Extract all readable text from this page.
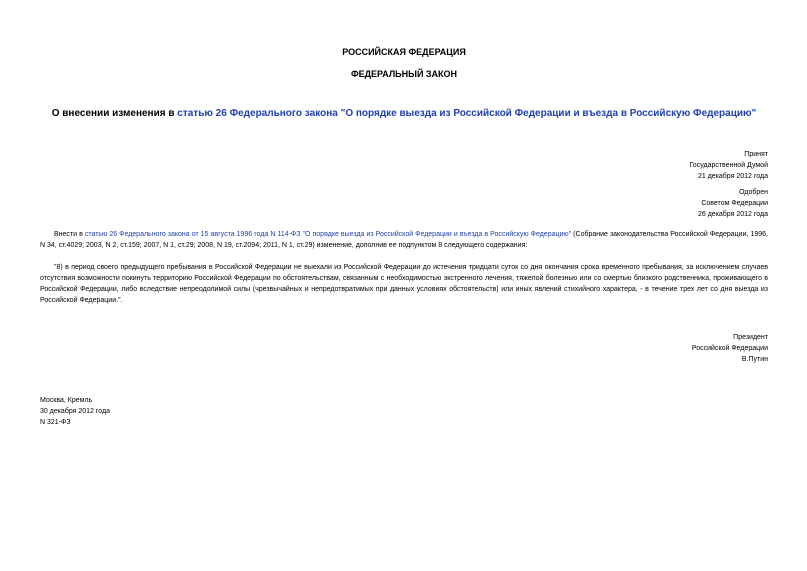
РОССИЙСКАЯ ФЕДЕРАЦИЯ
ФЕДЕРАЛЬНЫЙ ЗАКОН
О внесении изменения в статью 26 Федерального закона "О порядке выезда из Российской Федерации и въезда в Российскую Федерацию"
Принят
Государственной Думой
21 декабря 2012 года
Одобрен
Советом Федерации
26 декабря 2012 года
Внести в статью 26 Федерального закона от 15 августа 1996 года N 114-ФЗ "О порядке выезда из Российской Федерации и въезда в Российскую Федерацию" (Собрание законодательства Российской Федерации, 1996, N 34, ст.4029; 2003, N 2, ст.159; 2007, N 1, ст.29; 2008, N 19, ст.2094; 2011, N 1, ст.29) изменение, дополнив ее подпунктом 8 следующего содержания:
"8) в период своего предыдущего пребывания в Российской Федерации не выехали из Российской Федерации до истечения тридцати суток со дня окончания срока временного пребывания, за исключением случаев отсутствия возможности покинуть территорию Российской Федерации по обстоятельствам, связанным с необходимостью экстренного лечения, тяжелой болезнью или со смертью близкого родственника, проживающего в Российской Федерации, либо вследствие непреодолимой силы (чрезвычайных и непредотвратимых при данных условиях обстоятельств) или иных явлений стихийного характера, - в течение трех лет со дня выезда из Российской Федерации.".
Президент
Российской Федерации
В.Путин
Москва, Кремль
30 декабря 2012 года
N 321-ФЗ
